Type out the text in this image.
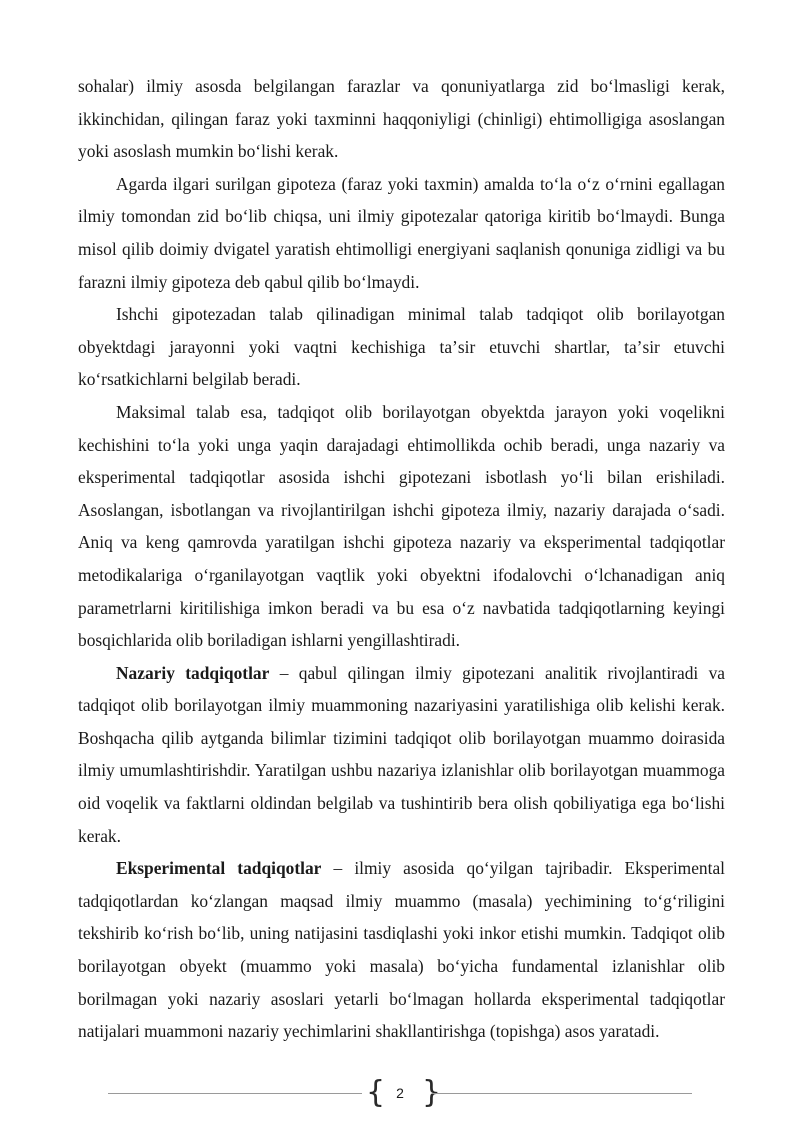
sohalar) ilmiy asosda belgilangan farazlar va qonuniyatlarga zid boʻlmasligi kerak, ikkinchidan, qilingan faraz yoki taxminni haqqoniyligi (chinligi) ehtimolligiga asoslangan yoki asoslash mumkin boʻlishi kerak.

Agarda ilgari surilgan gipoteza (faraz yoki taxmin) amalda toʻla oʻz oʻrnini egallagan ilmiy tomondan zid boʻlib chiqsa, uni ilmiy gipotezalar qatoriga kiritib boʻlmaydi. Bunga misol qilib doimiy dvigatel yaratish ehtimolligi energiyani saqlanish qonuniga zidligi va bu farazni ilmiy gipoteza deb qabul qilib boʻlmaydi.

Ishchi gipotezadan talab qilinadigan minimal talab tadqiqot olib borilayotgan obyektdagi jarayonni yoki vaqtni kechishiga taʼsir etuvchi shartlar, taʼsir etuvchi koʻrsatkichlarni belgilab beradi.

Maksimal talab esa, tadqiqot olib borilayotgan obyektda jarayon yoki voqelikni kechishini toʻla yoki unga yaqin darajadagi ehtimollikda ochib beradi, unga nazariy va eksperimental tadqiqotlar asosida ishchi gipotezani isbotlash yoʻli bilan erishiladi. Asoslangan, isbotlangan va rivojlantirilgan ishchi gipoteza ilmiy, nazariy darajada oʻsadi. Aniq va keng qamrovda yaratilgan ishchi gipoteza nazariy va eksperimental tadqiqotlar metodikalariga oʻrganilayotgan vaqtlik yoki obyektni ifodalovchi oʻlchanadigan aniq parametrlarni kiritilishiga imkon beradi va bu esa oʻz navbatida tadqiqotlarning keyingi bosqichlarida olib boriladigan ishlarni yengillashtiradi.

Nazariy tadqiqotlar – qabul qilingan ilmiy gipotezani analitik rivojlantiradi va tadqiqot olib borilayotgan ilmiy muammoning nazariyasini yaratilishiga olib kelishi kerak. Boshqacha qilib aytganda bilimlar tizimini tadqiqot olib borilayotgan muammo doirasida ilmiy umumlashtirishdir. Yaratilgan ushbu nazariya izlanishlar olib borilayotgan muammoga oid voqelik va faktlarni oldindan belgilab va tushintirib bera olish qobiliyatiga ega boʻlishi kerak.

Eksperimental tadqiqotlar – ilmiy asosida qoʻyilgan tajribadir. Eksperimental tadqiqotlardan koʻzlangan maqsad ilmiy muammo (masala) yechimining toʻgʻriligini tekshirib koʻrish boʻlib, uning natijasini tasdiqlashi yoki inkor etishi mumkin. Tadqiqot olib borilayotgan obyekt (muammo yoki masala) boʻyicha fundamental izlanishlar olib borilmagan yoki nazariy asoslari yetarli boʻlmagan hollarda eksperimental tadqiqotlar natijalari muammoni nazariy yechimlarini shakllantirishga (topishga) asos yaratadi.

{ 2 }
